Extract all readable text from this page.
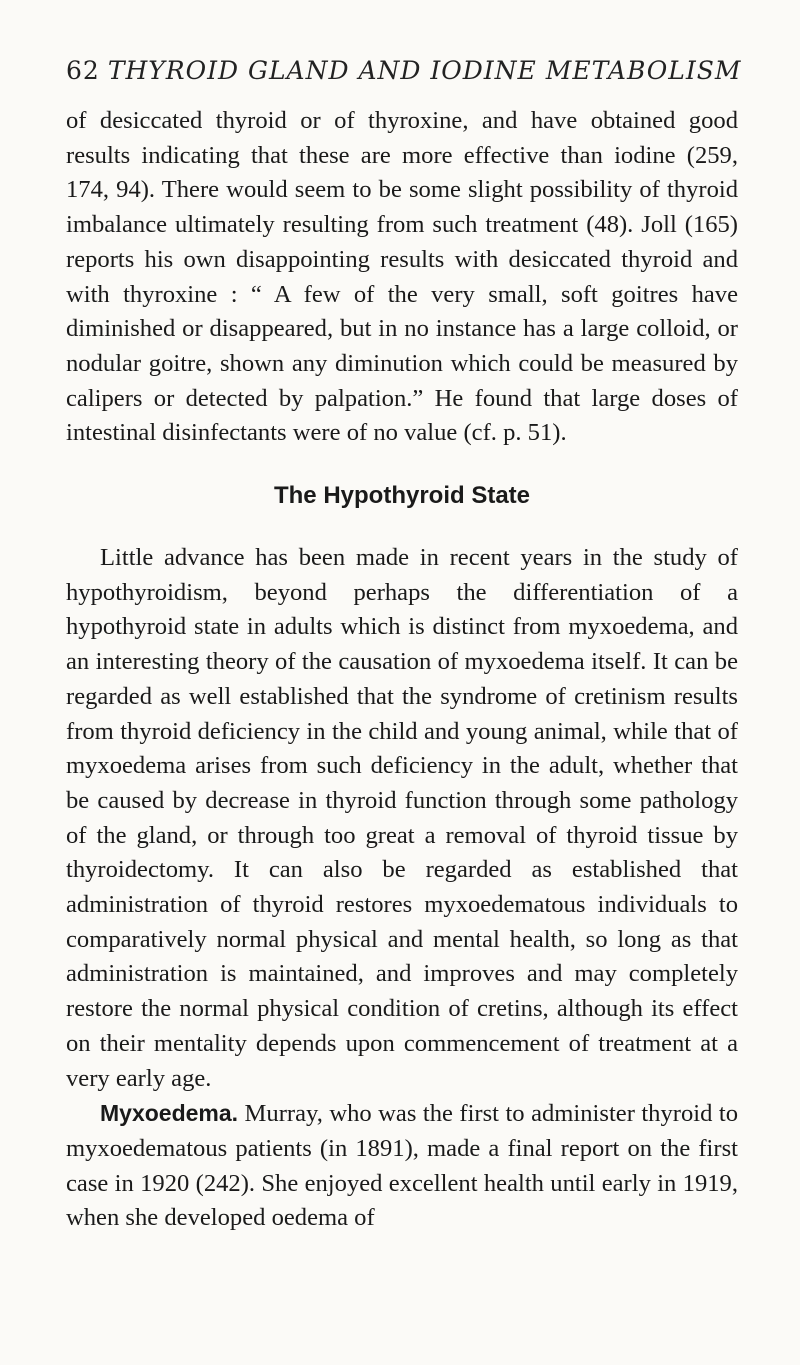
62 THYROID GLAND AND IODINE METABOLISM

of desiccated thyroid or of thyroxine, and have obtained good results indicating that these are more effective than iodine (259, 174, 94). There would seem to be some slight possibility of thyroid imbalance ultimately resulting from such treatment (48). Joll (165) reports his own disappointing results with desiccated thyroid and with thyroxine : “ A few of the very small, soft goitres have diminished or disappeared, but in no instance has a large colloid, or nodular goitre, shown any diminution which could be measured by calipers or detected by palpation.” He found that large doses of intestinal disinfectants were of no value (cf. p. 51).

The Hypothyroid State

Little advance has been made in recent years in the study of hypothyroidism, beyond perhaps the differentiation of a hypothyroid state in adults which is distinct from myxoedema, and an interesting theory of the causation of myxoedema itself. It can be regarded as well established that the syndrome of cretinism results from thyroid deficiency in the child and young animal, while that of myxoedema arises from such deficiency in the adult, whether that be caused by decrease in thyroid function through some pathology of the gland, or through too great a removal of thyroid tissue by thyroidectomy. It can also be regarded as established that administration of thyroid restores myxoedematous individuals to comparatively normal physical and mental health, so long as that administration is maintained, and improves and may completely restore the normal physical condition of cretins, although its effect on their mentality depends upon commencement of treatment at a very early age.

Myxoedema. Murray, who was the first to administer thyroid to myxoedematous patients (in 1891), made a final report on the first case in 1920 (242). She enjoyed excellent health until early in 1919, when she developed oedema of
